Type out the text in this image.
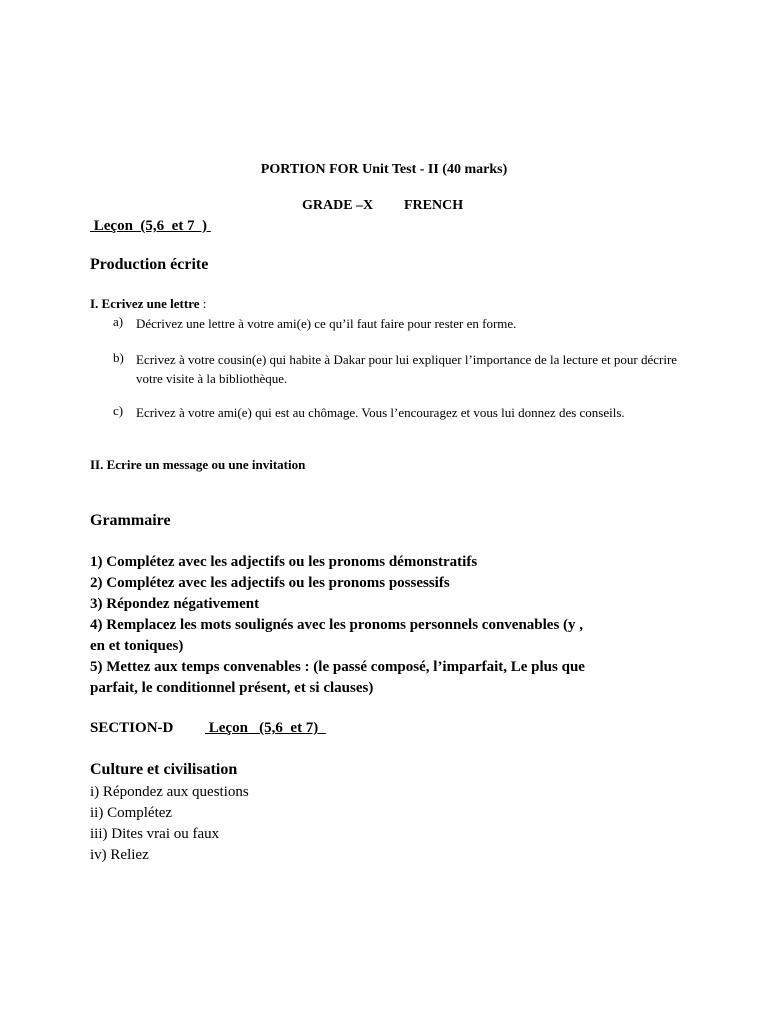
PORTION FOR Unit Test - II (40 marks)
GRADE –X FRENCH
Leçon  (5,6  et 7  )
Production écrite
I. Ecrivez une lettre :
a) Décrivez une lettre à votre ami(e) ce qu’il faut faire pour rester en forme.
b) Ecrivez à votre cousin(e) qui habite à Dakar pour lui expliquer l’importance de la lecture et pour décrire votre visite à la bibliothèque.
c) Ecrivez à votre ami(e) qui est au chômage. Vous l’encouragez et vous lui donnez des conseils.
II. Ecrire un message ou une invitation
Grammaire
1) Complétez avec les adjectifs ou les pronoms démonstratifs
2) Complétez avec les adjectifs ou les pronoms possessifs
3) Répondez négativement
4) Remplacez les mots soulignés avec les pronoms personnels convenables (y ,
en et toniques)
5) Mettez aux temps convenables : (le passé composé, l’imparfait, Le plus que
parfait, le conditionnel présent, et si clauses)
SECTION-D Leçon   (5,6  et 7)
Culture et civilisation
i) Répondez aux questions
ii) Complétez
iii) Dites vrai ou faux
iv) Reliez
